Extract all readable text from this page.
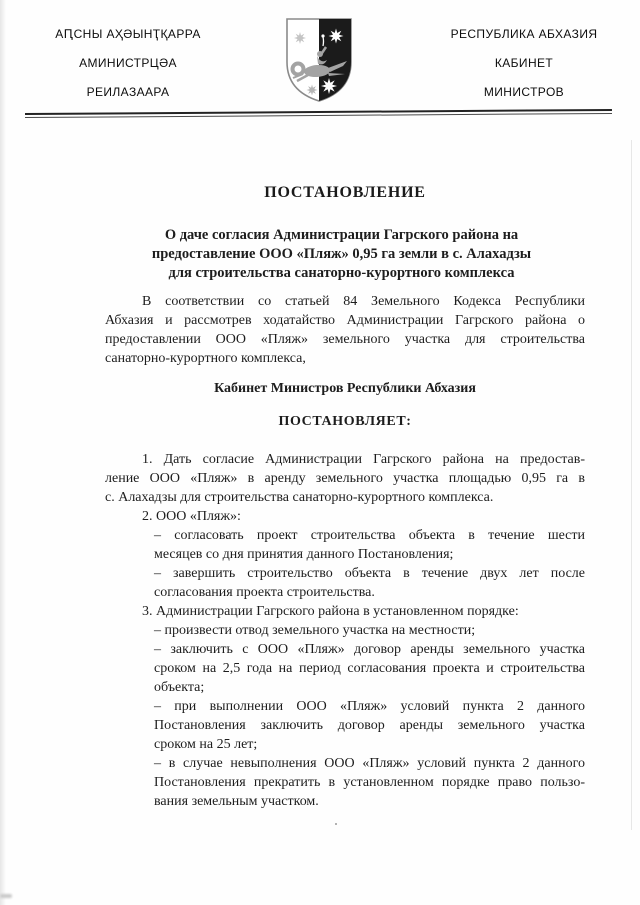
АԤСНЫ АҲӘЫНҬҚАРРА
АМИНИСТРЦӘА
РЕИЛАЗААРА
РЕСПУБЛИКА АБХАЗИЯ
КАБИНЕТ
МИНИСТРОВ
ПОСТАНОВЛЕНИЕ
О даче согласия Администрации Гагрского района на
предоставление ООО «Пляж» 0,95 га земли в с. Алахадзы
для строительства санаторно-курортного комплекса
В соответствии со статьей 84 Земельного Кодекса Республики
Абхазия и рассмотрев ходатайство Администрации Гагрского района о
предоставлении ООО «Пляж» земельного участка для строительства
санаторно-курортного комплекса,
Кабинет Министров Республики Абхазия
ПОСТАНОВЛЯЕТ:
1. Дать согласие Администрации Гагрского района на предостав-
ление ООО «Пляж» в аренду земельного участка площадью 0,95 га в
с. Алахадзы для строительства санаторно-курортного комплекса.
2. ООО «Пляж»:
– согласовать проект строительства объекта в течение шести
месяцев со дня принятия данного Постановления;
– завершить строительство объекта в течение двух лет после
согласования проекта строительства.
3. Администрации Гагрского района в установленном порядке:
– произвести отвод земельного участка на местности;
– заключить с ООО «Пляж» договор аренды земельного участка
сроком на 2,5 года на период согласования проекта и строительства
объекта;
– при выполнении ООО «Пляж» условий пункта 2 данного
Постановления заключить договор аренды земельного участка
сроком на 25 лет;
– в случае невыполнения ООО «Пляж» условий пункта 2 данного
Постановления прекратить в установленном порядке право пользо-
вания земельным участком.
